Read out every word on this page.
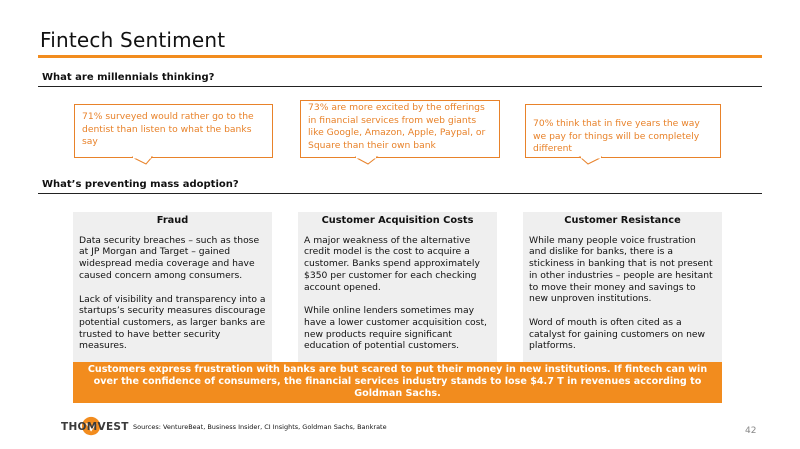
Fintech Sentiment
What are millennials thinking?
71% surveyed would rather go to the dentist than listen to what the banks say
73% are more excited by the offerings in financial services from web giants like Google, Amazon, Apple, Paypal, or Square than their own bank
70% think that in five years the way we pay for things will be completely different
What’s preventing mass adoption?
Fraud

Data security breaches – such as those at JP Morgan and Target – gained widespread media coverage and have caused concern among consumers.

Lack of visibility and transparency into a startups’s security measures discourage potential customers, as larger banks are trusted to have better security measures.

Customer Acquisition Costs

A major weakness of the alternative credit model is the cost to acquire a customer. Banks spend approximately $350 per customer for each checking account opened.

While online lenders sometimes may have a lower customer acquisition cost, new products require significant education of potential customers.

Customer Resistance

While many people voice frustration and dislike for banks, there is a stickiness in banking that is not present in other industries – people are hesitant to move their money and savings to new unproven institutions.

Word of mouth is often cited as a catalyst for gaining customers on new platforms.

Customers express frustration with banks are but scared to put their money in new institutions. If fintech can win over the confidence of consumers, the financial services industry stands to lose $4.7 T in revenues according to Goldman Sachs.
THOMVEST Sources: VentureBeat, Business Insider, CI Insights, Goldman Sachs, Bankrate	42
